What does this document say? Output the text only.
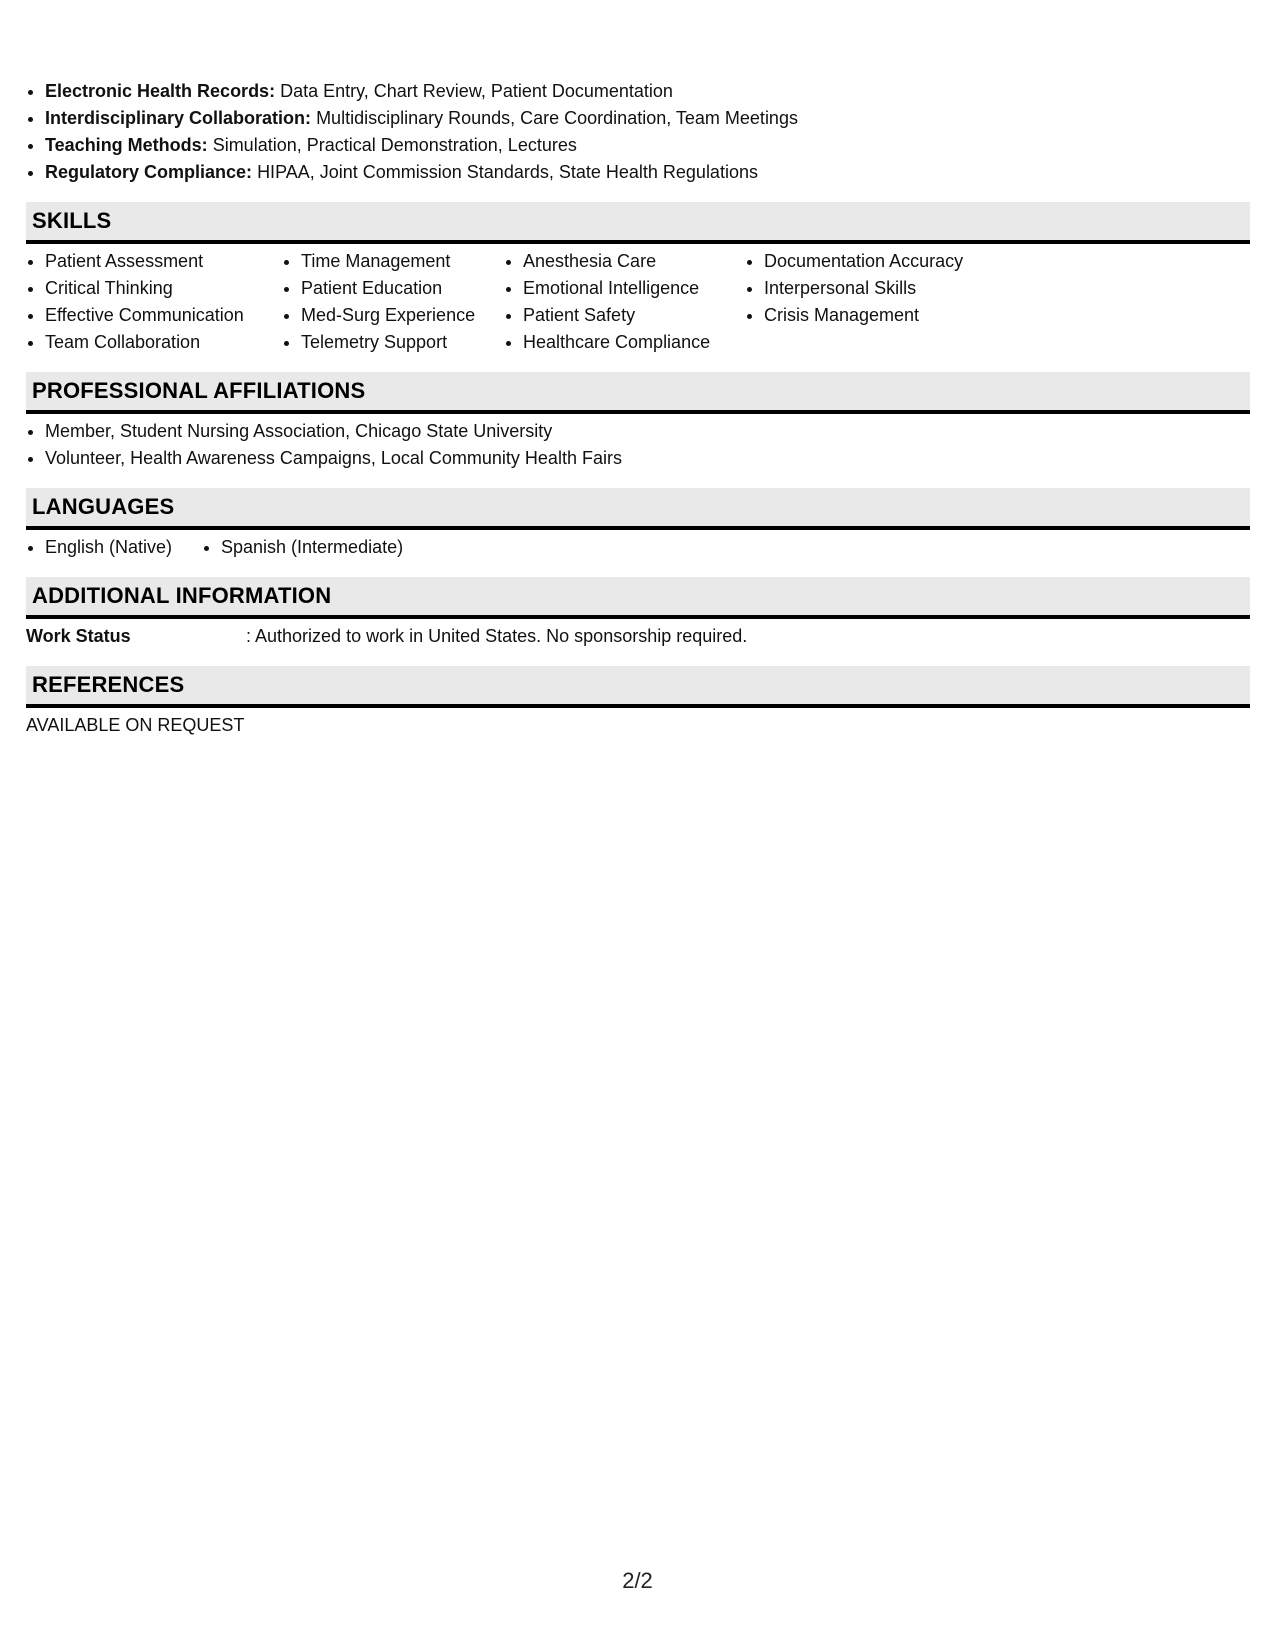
• Electronic Health Records: Data Entry, Chart Review, Patient Documentation
• Interdisciplinary Collaboration: Multidisciplinary Rounds, Care Coordination, Team Meetings
• Teaching Methods: Simulation, Practical Demonstration, Lectures
• Regulatory Compliance: HIPAA, Joint Commission Standards, State Health Regulations
SKILLS
• Patient Assessment
• Critical Thinking
• Effective Communication
• Team Collaboration
• Time Management
• Patient Education
• Med-Surg Experience
• Telemetry Support
• Anesthesia Care
• Emotional Intelligence
• Patient Safety
• Healthcare Compliance
• Documentation Accuracy
• Interpersonal Skills
• Crisis Management
PROFESSIONAL AFFILIATIONS
• Member, Student Nursing Association, Chicago State University
• Volunteer, Health Awareness Campaigns, Local Community Health Fairs
LANGUAGES
• English (Native)
•	Spanish (Intermediate)
ADDITIONAL INFORMATION
Work Status	: Authorized to work in United States. No sponsorship required.
REFERENCES
AVAILABLE ON REQUEST
2/2
